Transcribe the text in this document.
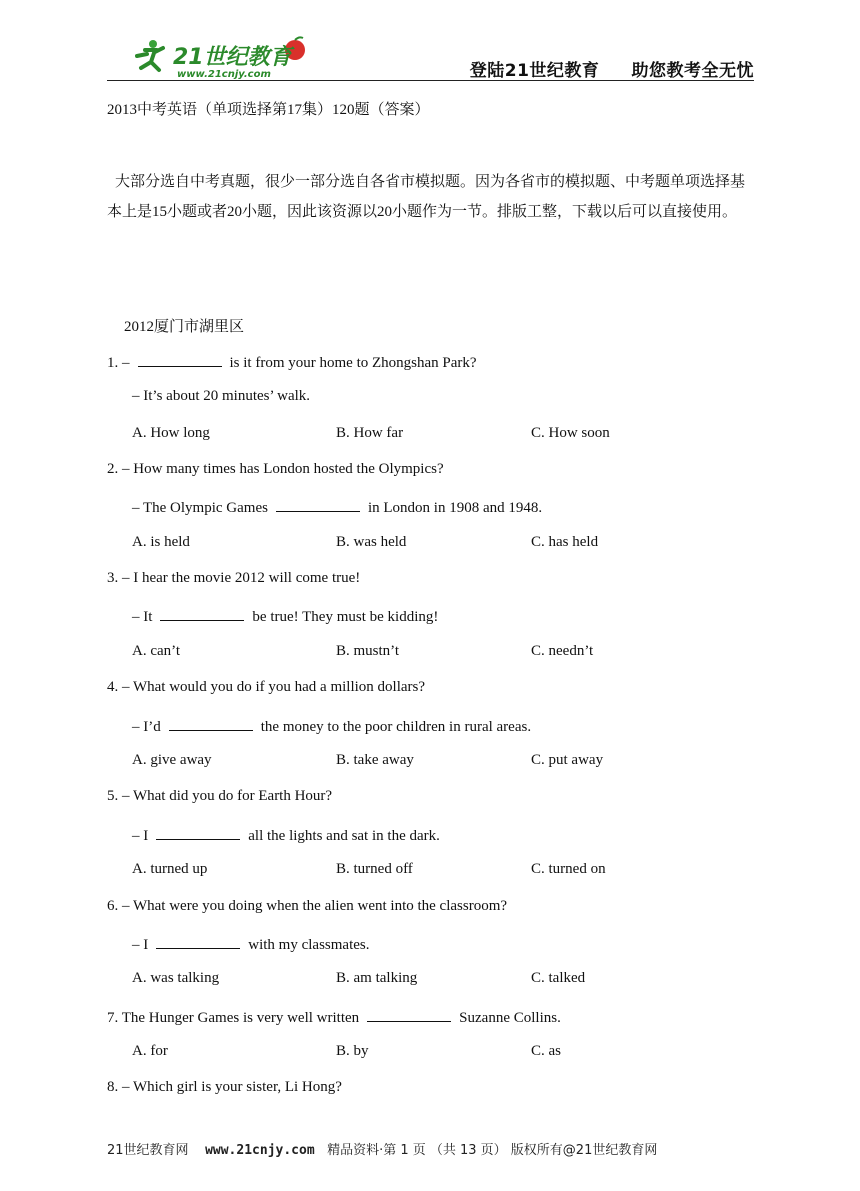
21世纪教育
www.21cnjy.com	登陆21世纪教育 助您教考全无忧
2013中考英语（单项选择第17集）120题（答案）
大部分选自中考真题，很少一部分选自各省市模拟题。因为各省市的模拟题、中考题单项选择基本上是15小题或者20小题，因此该资源以20小题作为一节。排版工整，下载以后可以直接使用。
2012厦门市湖里区
1. –	is it from your home to Zhongshan Park?
– It’s about 20 minutes’ walk.
A. How long	B. How far	C. How soon
2. – How many times has London hosted the Olympics?
– The Olympic Games	in London in 1908 and 1948.
A. is held	B. was held	C. has held
3. – I hear the movie 2012 will come true!
– It	be true! They must be kidding!
A. can’t	B. mustn’t	C. needn’t
4. – What would you do if you had a million dollars?
– I’d	the money to the poor children in rural areas.
A. give away	B. take away	C. put away
5. – What did you do for Earth Hour?
– I	all the lights and sat in the dark.
A. turned up	B. turned off	C. turned on
6. – What were you doing when the alien went into the classroom?
– I	with my classmates.
A. was talking	B. am talking	C. talked
7. The Hunger Games is very well written	Suzanne Collins.
A. for	B. by	C. as
8. – Which girl is your sister, Li Hong?
21世纪教育网 www.21cnjy.com 精品资料·第 1 页 （共 13 页） 版权所有@21世纪教育网
